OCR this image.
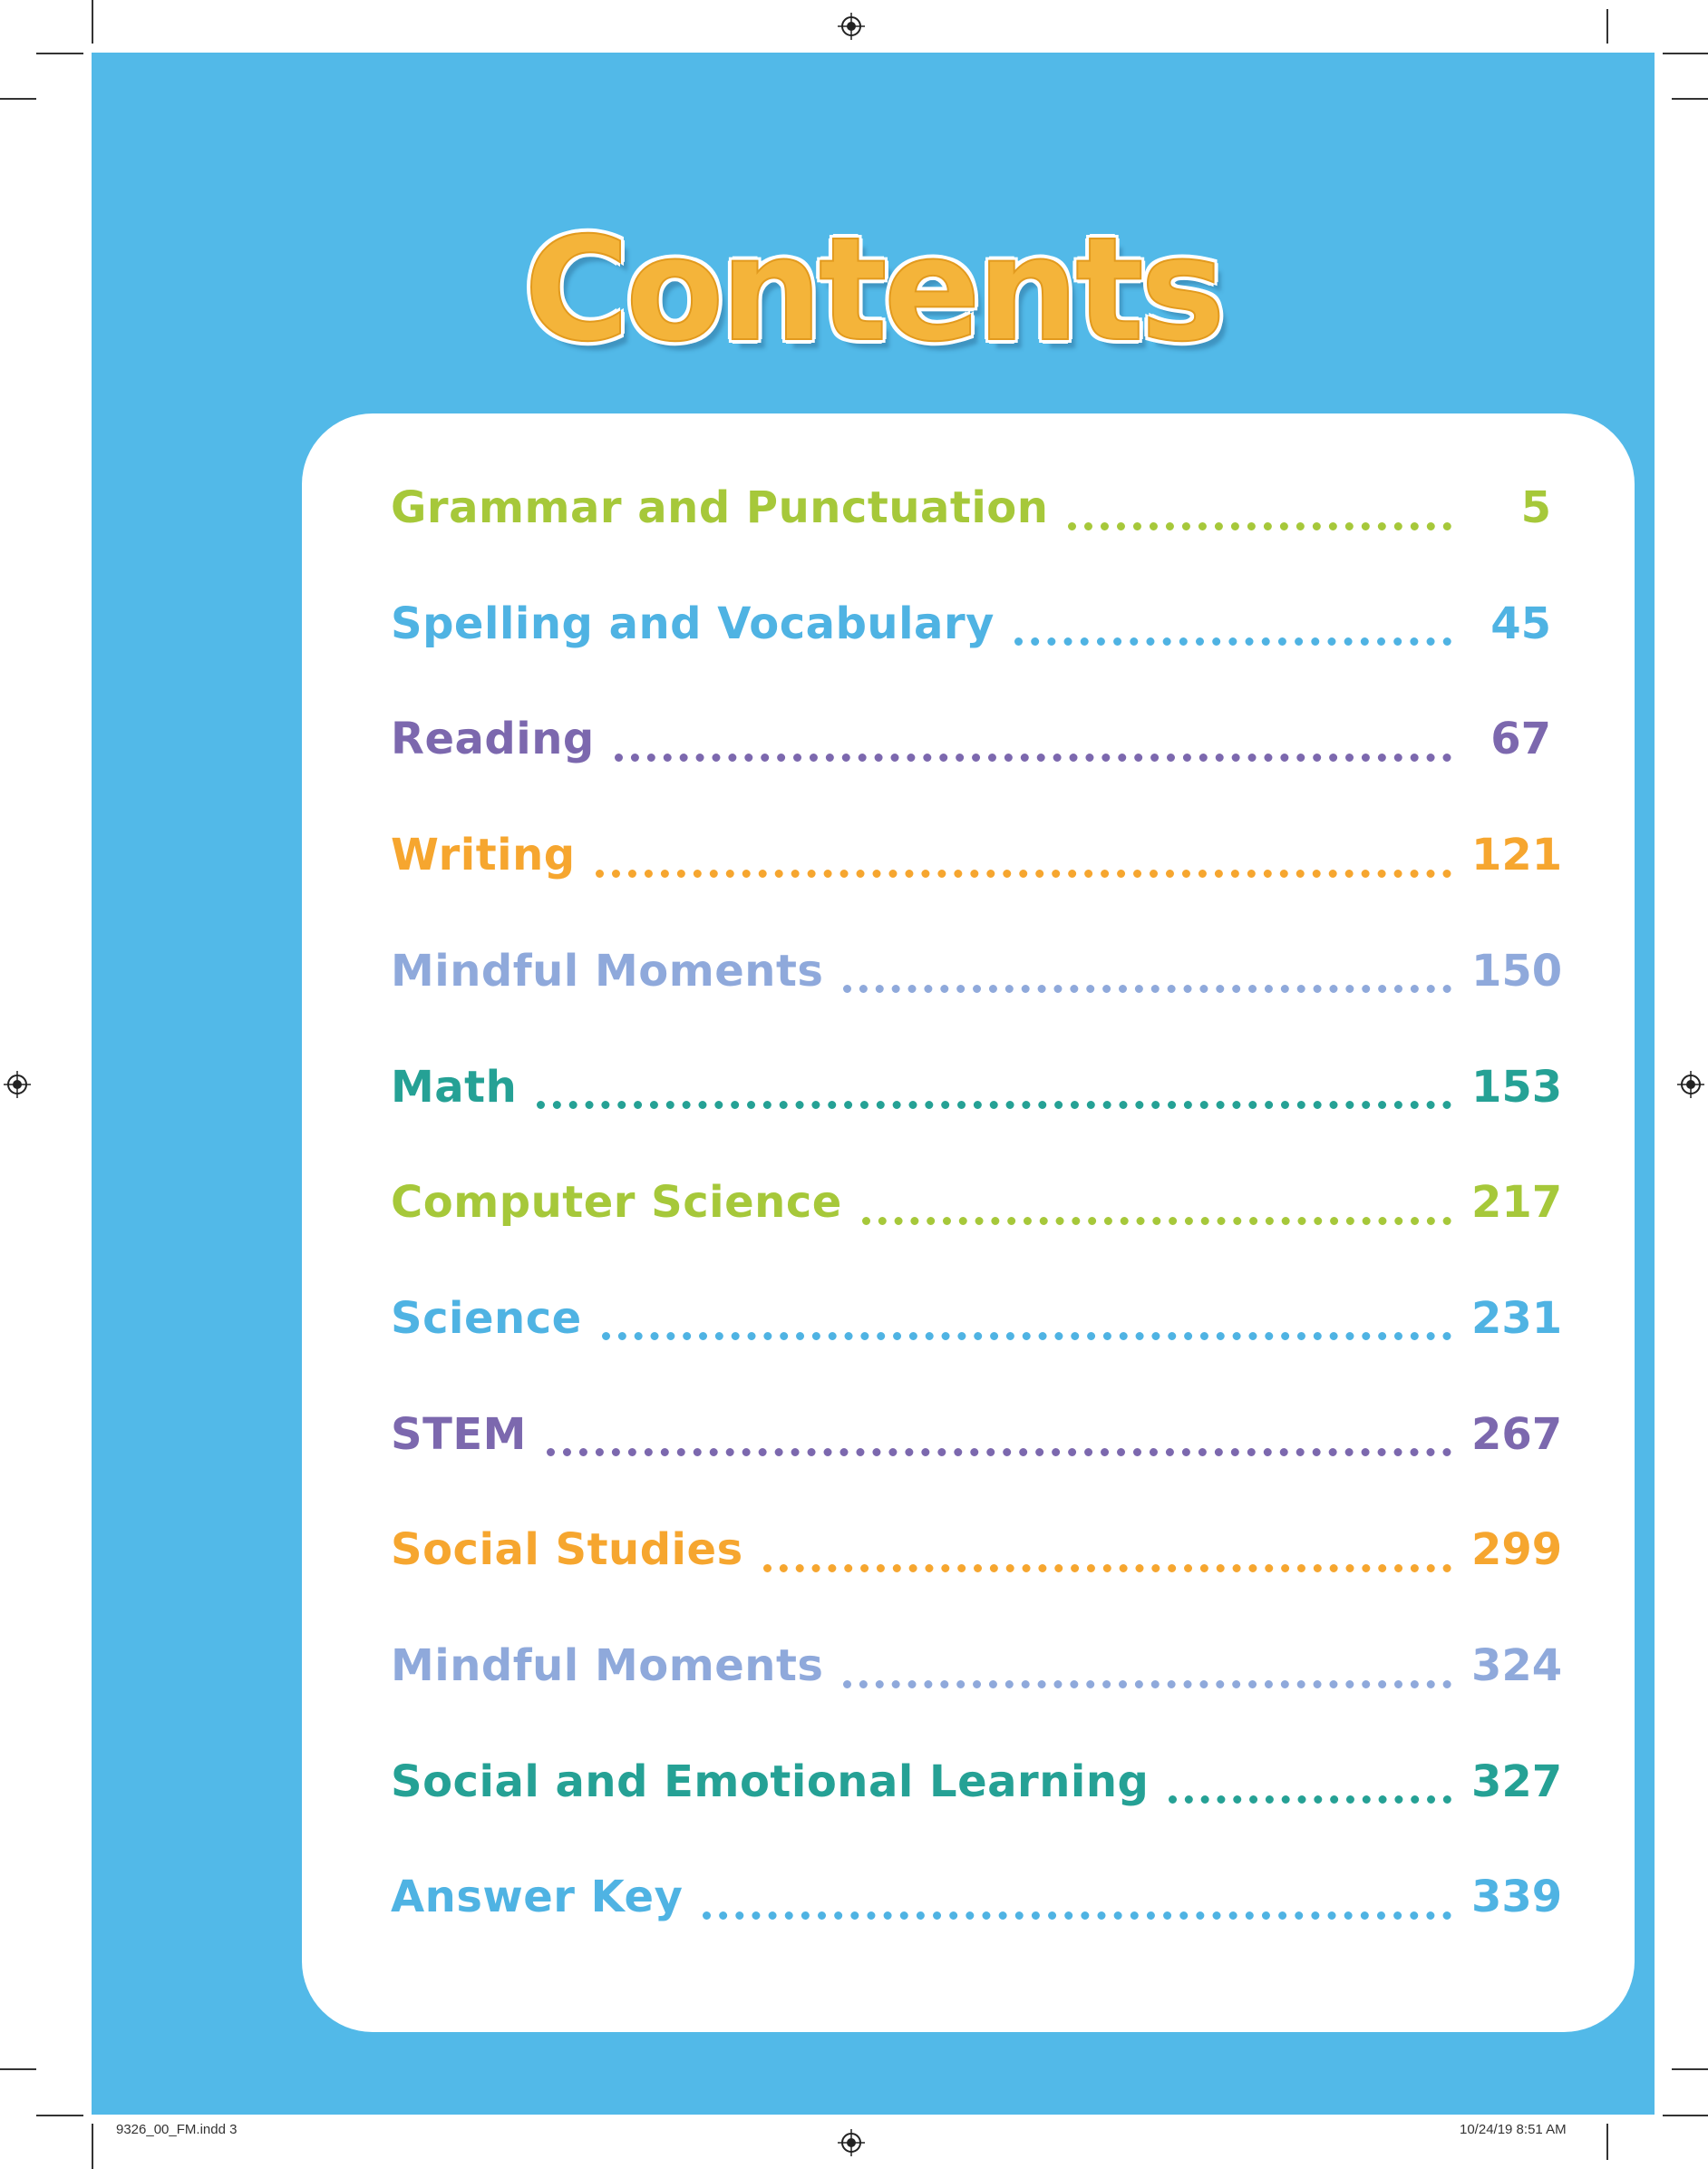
Contents
Grammar and Punctuation	5
Spelling and Vocabulary	45
Reading	67
Writing	121
Mindful Moments	150
Math	153
Computer Science	217
Science	231
STEM	267
Social Studies	299
Mindful Moments	324
Social and Emotional Learning	327
Answer Key	339
9326_00_FM.indd 3	10/24/19 8:51 AM
